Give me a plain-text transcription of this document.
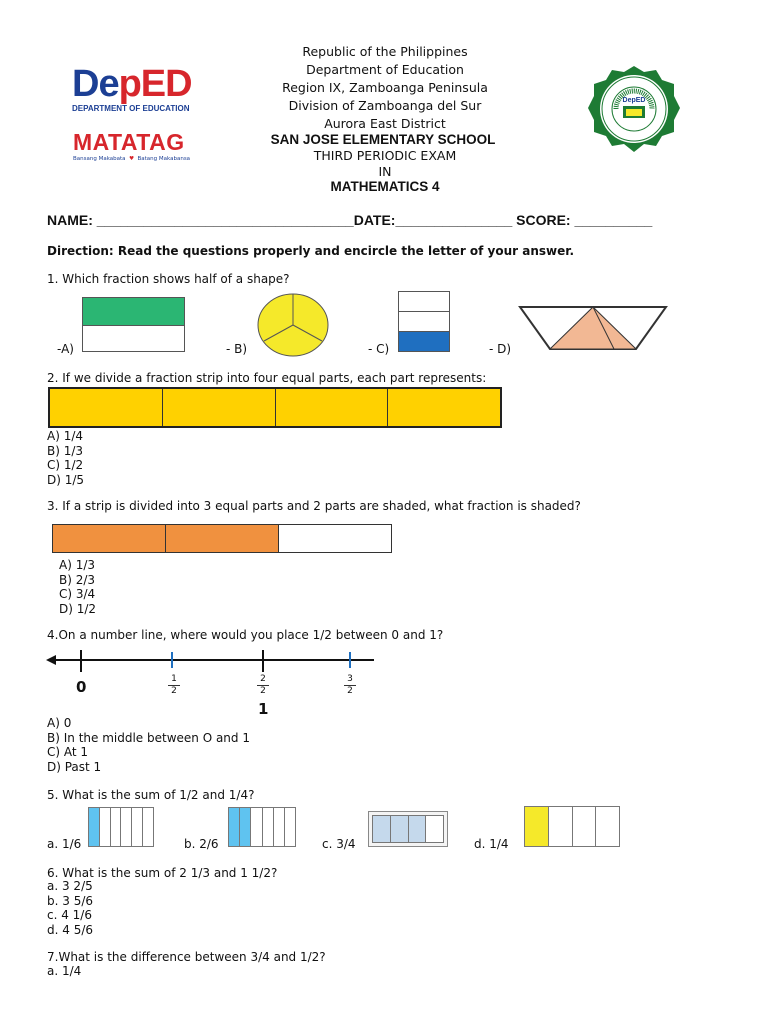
DepED
DEPARTMENT OF EDUCATION
MATATAG
Bansang Makabata  ♥  Batang Makabansa
DepED
Republic of the Philippines
Department of Education
Region IX, Zamboanga Peninsula
Division of Zamboanga del Sur
Aurora East District
SAN JOSE ELEMENTARY SCHOOL
THIRD PERIODIC EXAM
IN
MATHEMATICS 4
NAME: _________________________________DATE:_______________ SCORE: __________
Direction: Read the questions properly and encircle the letter of your answer.
1. Which fraction shows half of a shape?
-A)	- B)	- C)	- D)
2. If we divide a fraction strip into four equal parts, each part represents:
A) 1/4
B) 1/3
C) 1/2
D) 1/5
3. If a strip is divided into 3 equal parts and 2 parts are shaded, what fraction is shaded?
A) 1/3
B) 2/3
C) 3/4
D) 1/2
4.On a number line, where would you place 1/2 between 0 and 1?
0	1
2
2
2
1
3
2
A) 0
B) In the middle between O and 1
C) At 1
D) Past 1
5. What is the sum of 1/2 and 1/4?
a. 1/6	b. 2/6	c. 3/4	d. 1/4
6. What is the sum of 2 1/3 and 1 1/2?
a. 3 2/5
b. 3 5/6
c. 4 1/6
d. 4 5/6
7.What is the difference between 3/4 and 1/2?
a. 1/4
